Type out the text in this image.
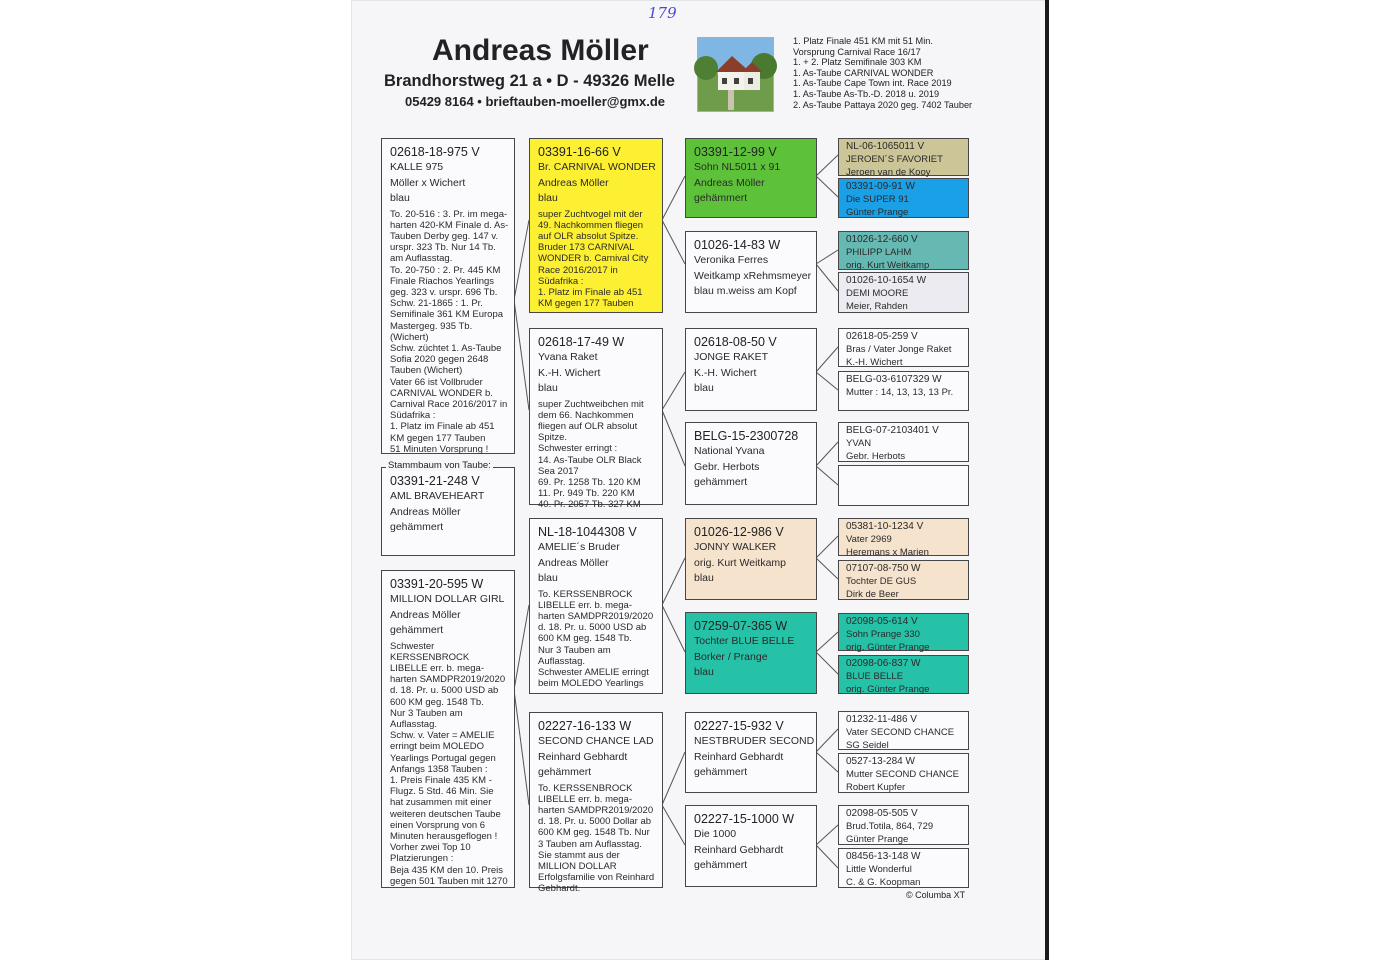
179
Andreas Möller
Brandhorstweg 21 a • D - 49326 Melle
05429 8164 • brieftauben-moeller@gmx.de
1. Platz Finale 451 KM mit 51 Min.
Vorsprung Carnival Race 16/17
1. + 2. Platz Semifinale 303 KM
1. As-Taube CARNIVAL WONDER
1. As-Taube Cape Town int. Race 2019
1. As-Taube As-Tb.-D. 2018 u. 2019
2. As-Taube Pattaya 2020 geg. 7402 Tauber
02618-18-975 V
KALLE 975
Möller x Wichert
blau
To. 20-516 : 3. Pr. im mega-
harten 420-KM Finale d. As-
Tauben Derby geg. 147 v.
urspr. 323 Tb. Nur 14 Tb.
am Auflasstag.
To. 20-750 : 2. Pr. 445 KM
Finale Riachos Yearlings
geg. 323 v. urspr. 696 Tb.
Schw. 21-1865 : 1. Pr.
Semifinale 361 KM Europa
Mastergeg. 935 Tb.
(Wichert)
Schw. züchtet 1. As-Taube
Sofia 2020 gegen 2648
Tauben (Wichert)
Vater 66 ist Vollbruder
CARNIVAL WONDER b.
Carnival Race 2016/2017 in
Südafrika :
1. Platz im Finale ab 451
KM gegen 177 Tauben
51 Minuten Vorsprung !
03391-21-248 V
AML BRAVEHEART
Andreas Möller
gehämmert
Stammbaum von Taube:
03391-20-595 W
MILLION DOLLAR GIRL
Andreas Möller
gehämmert
Schwester
KERSSENBROCK
LIBELLE err. b. mega-
harten SAMDPR2019/2020
d. 18. Pr. u. 5000 USD ab
600 KM geg. 1548 Tb.
Nur 3 Tauben am
Auflasstag.
Schw. v. Vater = AMELIE
erringt beim MOLEDO
Yearlings Portugal gegen
Anfangs 1358 Tauben :
1. Preis Finale 435 KM -
Flugz. 5 Std. 46 Min. Sie
hat zusammen mit einer
weiteren deutschen Taube
einen Vorsprung von 6
Minuten herausgeflogen !
Vorher zwei Top 10
Platzierungen :
Beja 435 KM den 10. Preis
gegen 501 Tauben mit 1270
03391-16-66 V
Br. CARNIVAL WONDER
Andreas Möller
blau
super Zuchtvogel mit der
49. Nachkommen fliegen
auf OLR absolut Spitze.
Bruder 173 CARNIVAL
WONDER b. Carnival City
Race 2016/2017 in
Südafrika :
1. Platz im Finale ab 451
KM gegen 177 Tauben
02618-17-49 W
Yvana Raket
K.-H. Wichert
blau
super Zuchtweibchen mit
dem 66. Nachkommen
fliegen auf OLR absolut
Spitze.
Schwester erringt :
14. As-Taube OLR Black
Sea 2017
69. Pr. 1258 Tb. 120 KM
11. Pr. 949 Tb. 220 KM
40. Pr. 2057 Tb. 327 KM
NL-18-1044308 V
AMELIE´s Bruder
Andreas Möller
blau
To. KERSSENBROCK
LIBELLE err. b. mega-
harten SAMDPR2019/2020
d. 18. Pr. u. 5000 USD ab
600 KM geg. 1548 Tb.
Nur 3 Tauben am
Auflasstag.
Schwester AMELIE erringt
beim MOLEDO Yearlings
02227-16-133 W
SECOND CHANCE LAD
Reinhard Gebhardt
gehämmert
To. KERSSENBROCK
LIBELLE err. b. mega-
harten SAMDPR2019/2020
d. 18. Pr. u. 5000 Dollar ab
600 KM geg. 1548 Tb. Nur
3 Tauben am Auflasstag.
Sie stammt aus der
MILLION DOLLAR
Erfolgsfamilie von Reinhard
Gebhardt.
03391-12-99 V
Sohn NL5011 x 91
Andreas Möller
gehämmert
01026-14-83 W
Veronika Ferres
Weitkamp xRehmsmeyer
blau m.weiss am Kopf
02618-08-50 V
JONGE RAKET
K.-H. Wichert
blau
BELG-15-2300728
National Yvana
Gebr. Herbots
gehämmert
01026-12-986 V
JONNY WALKER
orig. Kurt Weitkamp
blau
07259-07-365 W
Tochter BLUE BELLE
Borker / Prange
blau
02227-15-932 V
NESTBRUDER SECOND
Reinhard Gebhardt
gehämmert
02227-15-1000 W
Die 1000
Reinhard Gebhardt
gehämmert
NL-06-1065011 V
JEROEN´S FAVORIET
Jeroen van de Kooy
03391-09-91 W
Die SUPER 91
Günter Prange
01026-12-660 V
PHILIPP LAHM
orig. Kurt Weitkamp
01026-10-1654 W
DEMI MOORE
Meier, Rahden
02618-05-259 V
Bras / Vater Jonge Raket
K.-H. Wichert
BELG-03-6107329 W
Mutter : 14, 13, 13, 13 Pr.
BELG-07-2103401 V
YVAN
Gebr. Herbots
05381-10-1234 V
Vater 2969
Heremans x Marien
07107-08-750 W
Tochter DE GUS
Dirk de Beer
02098-05-614 V
Sohn Prange 330
orig. Günter Prange
02098-06-837 W
BLUE BELLE
orig. Günter Prange
01232-11-486 V
Vater SECOND CHANCE
SG Seidel
0527-13-284 W
Mutter SECOND CHANCE
Robert Kupfer
02098-05-505 V
Brud.Totila, 864, 729
Günter Prange
08456-13-148 W
Little Wonderful
C. & G. Koopman
© Columba XT
